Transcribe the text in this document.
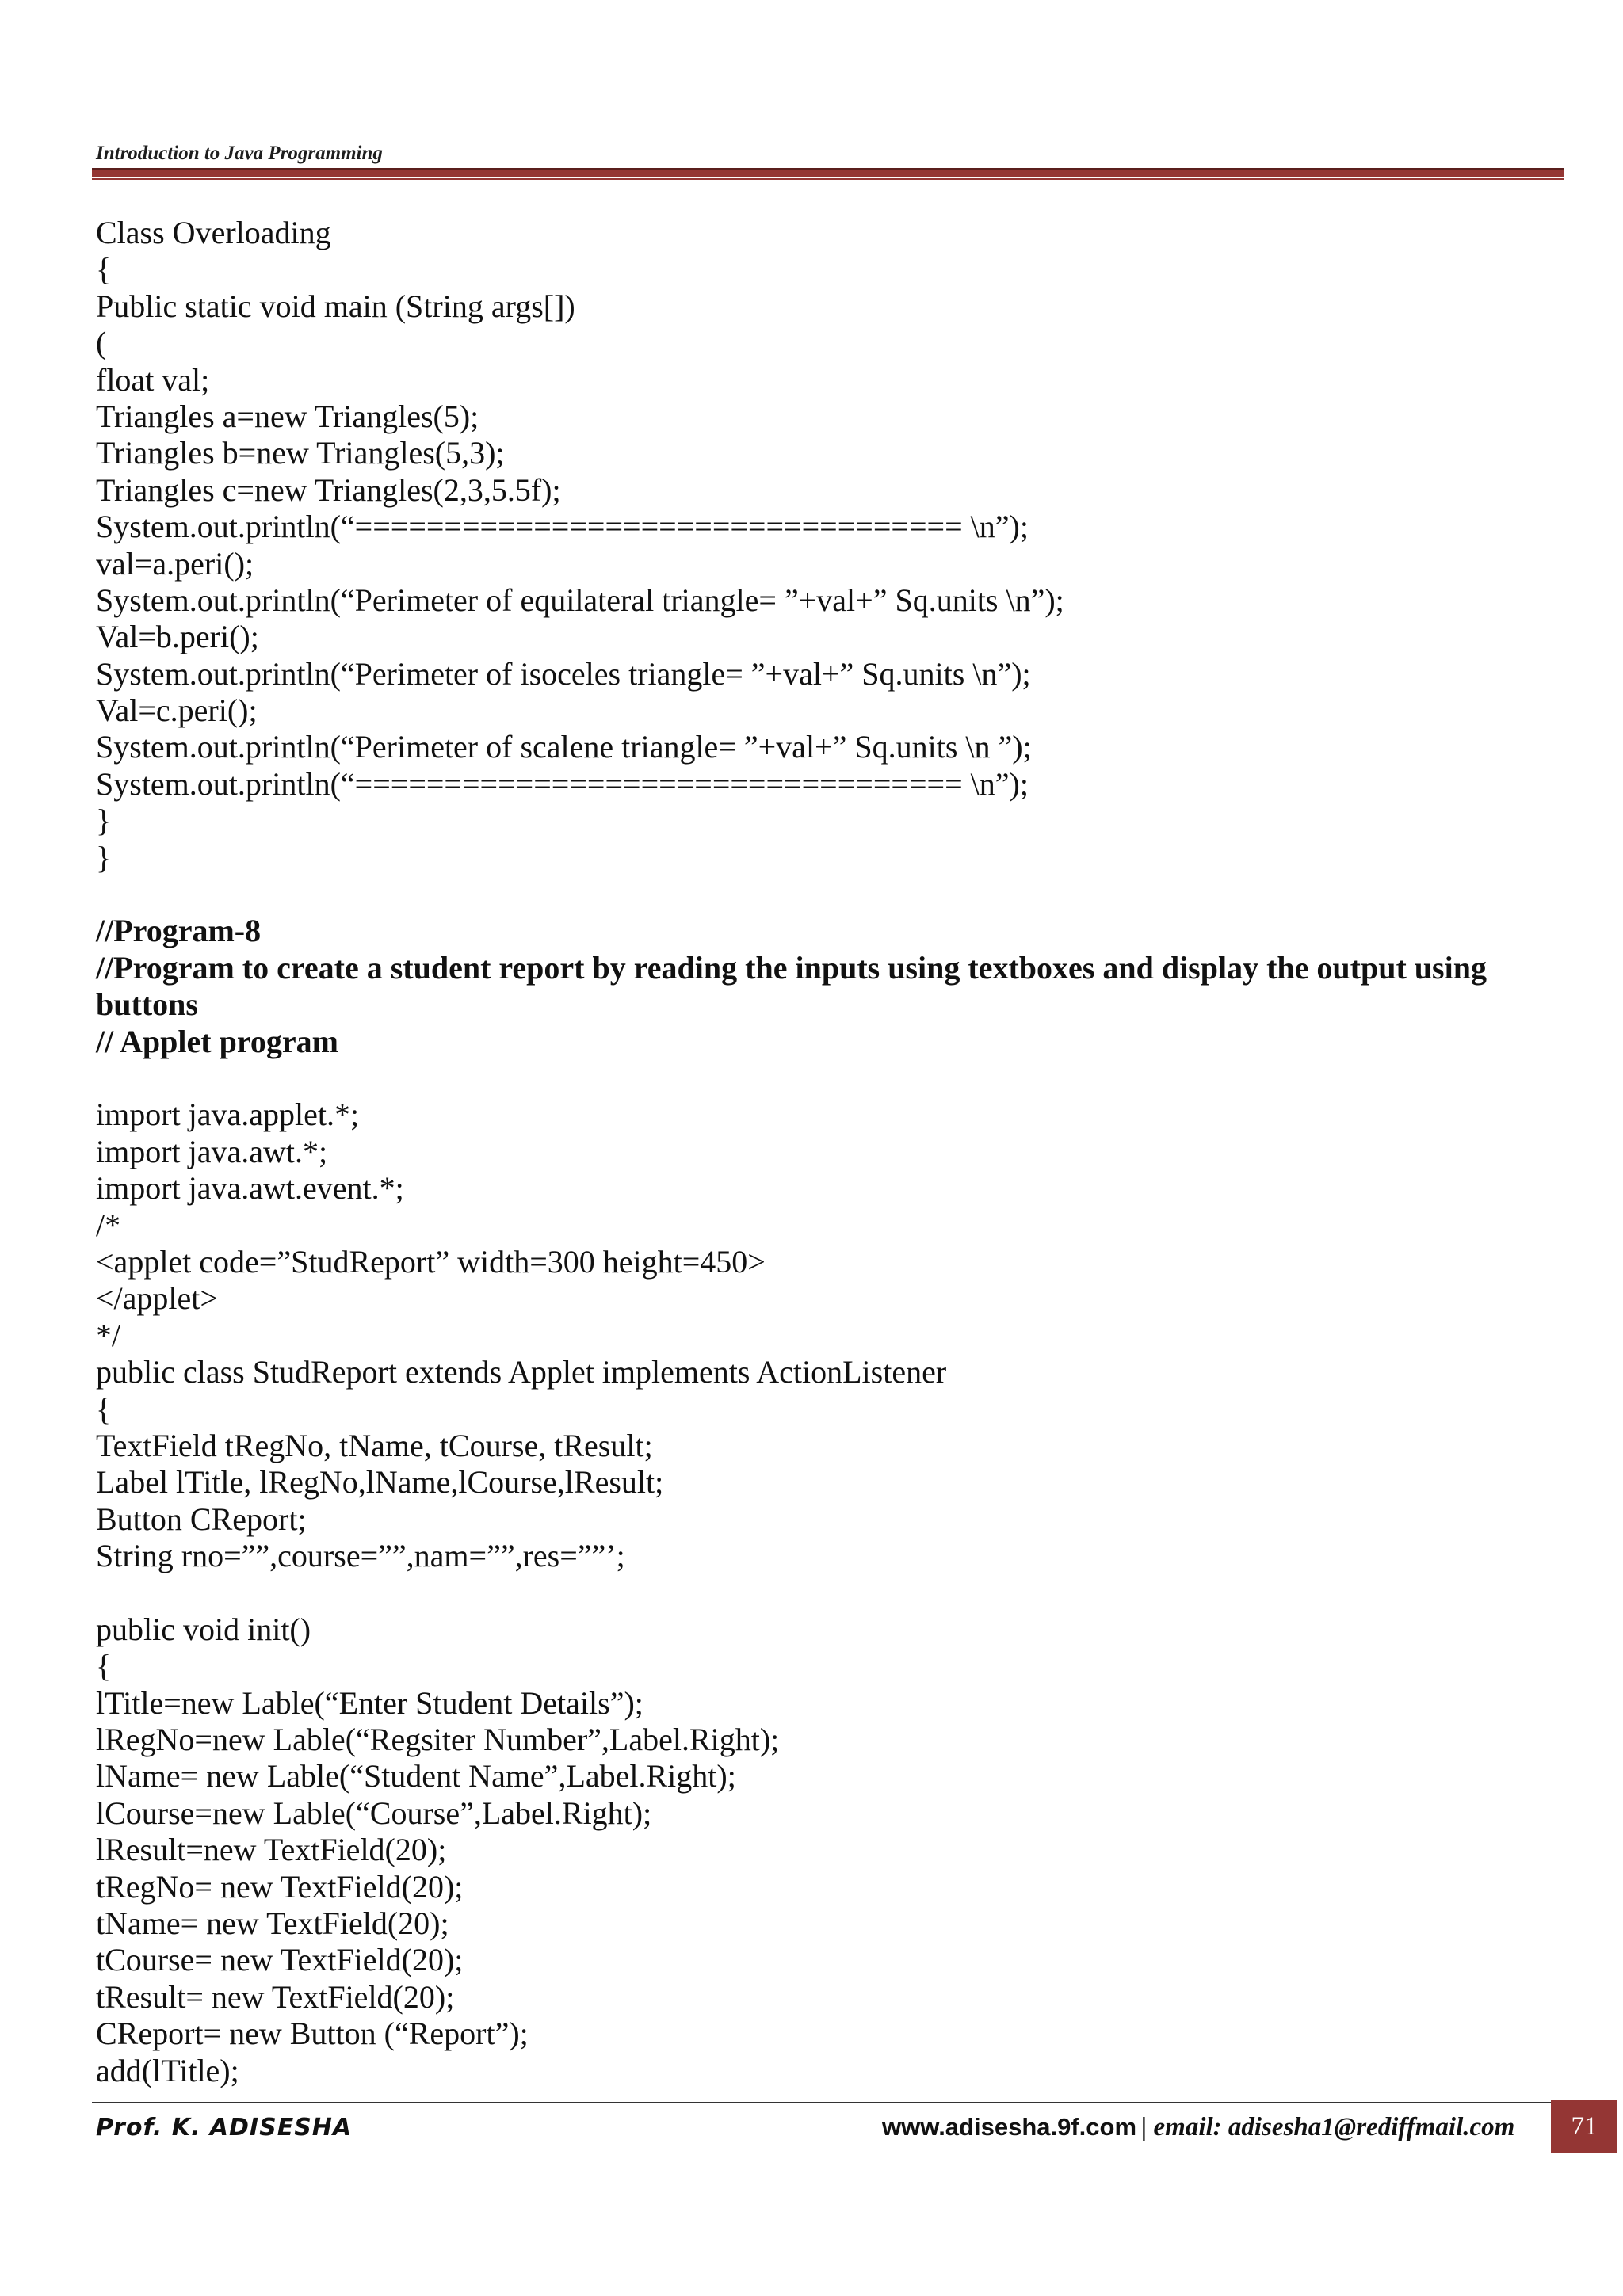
Introduction to Java Programming
Class Overloading
{
Public static void main (String args[])
(
float val;
Triangles a=new Triangles(5);
Triangles b=new Triangles(5,3);
Triangles c=new Triangles(2,3,5.5f);
System.out.println(“================================== \n”);
val=a.peri();
System.out.println(“Perimeter of equilateral triangle= ”+val+” Sq.units \n”);
Val=b.peri();
System.out.println(“Perimeter of isoceles triangle= ”+val+” Sq.units \n”);
Val=c.peri();
System.out.println(“Perimeter of scalene triangle= ”+val+” Sq.units \n ”);
System.out.println(“================================== \n”);
}
}
//Program-8
//Program to create a student report by reading the inputs using textboxes and display the output using
buttons
// Applet program
import java.applet.*;
import java.awt.*;
import java.awt.event.*;
/*
<applet code=”StudReport” width=300 height=450>
</applet>
*/
public class StudReport extends Applet implements ActionListener
{
TextField tRegNo, tName, tCourse, tResult;
Label lTitle, lRegNo,lName,lCourse,lResult;
Button CReport;
String rno=””,course=””,nam=””,res=””’;
public void init()
{
lTitle=new Lable(“Enter Student Details”);
lRegNo=new Lable(“Regsiter Number”,Label.Right);
lName= new Lable(“Student Name”,Label.Right);
lCourse=new Lable(“Course”,Label.Right);
lResult=new TextField(20);
tRegNo= new TextField(20);
tName= new TextField(20);
tCourse= new TextField(20);
tResult= new TextField(20);
CReport= new Button (“Report”);
add(lTitle);
Prof. K. ADISESHA	www.adisesha.9f.com | email: adisesha1@rediffmail.com	71
